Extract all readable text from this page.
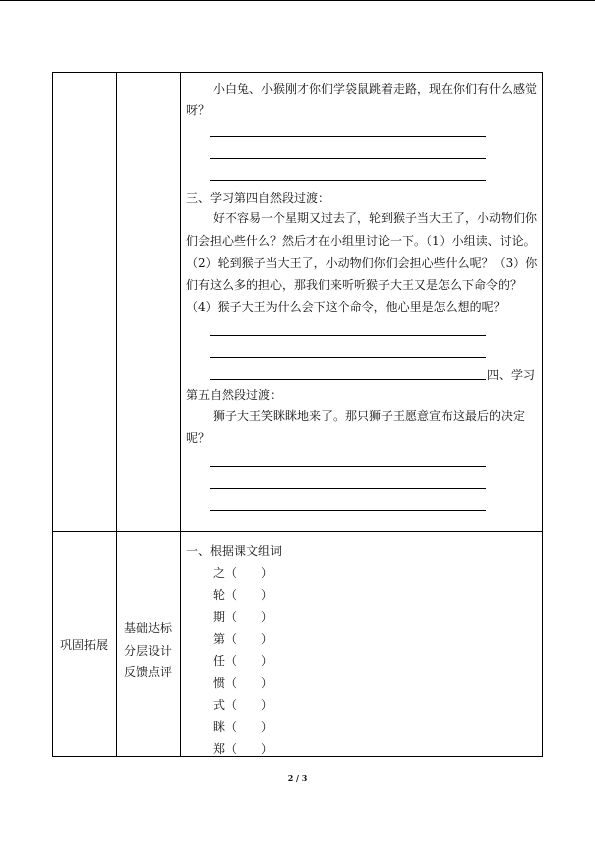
小白兔、小猴刚才你们学袋鼠跳着走路，现在你们有什么感觉
呀？
三、学习第四自然段过渡：
好不容易一个星期又过去了，轮到猴子当大王了，小动物们你
们会担心些什么？然后才在小组里讨论一下。（1）小组读、讨论。
（2）轮到猴子当大王了，小动物们你们会担心些什么呢？（3）你
们有这么多的担心，那我们来听听猴子大王又是怎么下命令的？
（4）猴子大王为什么会下这个命令，他心里是怎么想的呢？
四、学习
第五自然段过渡：
狮子大王笑眯眯地来了。那只狮子王愿意宣布这最后的决定
呢？
巩固拓展
基础达标
分层设计
反馈点评
一、根据课文组词
之（　　）
轮（　　）
期（　　）
第（　　）
任（　　）
惯（　　）
式（　　）
眯（　　）
郑（　　）
2 / 3
